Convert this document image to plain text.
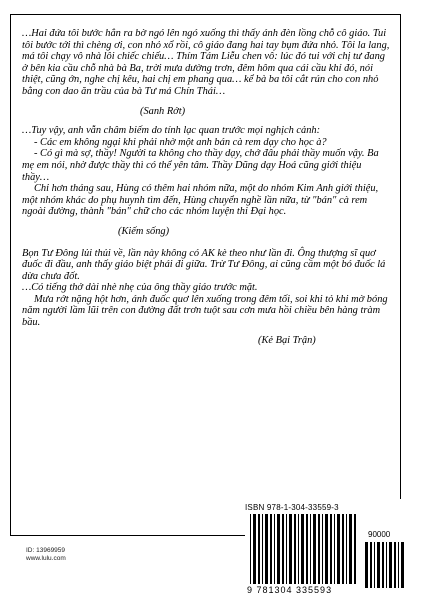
…Hai đứa tôi bước hẳn ra bờ ngó lên ngó xuống thì thấy ánh đèn lồng chỗ cô giáo. Tui tôi bước tới thì chèng ơi, con nhỏ xổ rồi, cô giáo đang hai tay bụm đứa nhỏ. Tôi la lang, má tôi chạy vô nhà lôi chiếc chiếu… Thím Tám Liễu chen vô: lúc đó tui với chị tư đang ở bên kia cầu chỗ nhà bà Ba, trời mưa dường trơn, đêm hôm qua cái cầu khỉ đó, nói thiệt, cũng ớn, nghe chị kêu, hai chị em phang qua… kể bà ba tôi cắt rún cho con nhỏ bằng con dao ăn trầu của bà Tư má Chín Thái…

(Sanh Rớt)

…Tuy vậy, anh vẫn châm biếm do tính lạc quan trước mọi nghịch cảnh:

- Các em không ngại khi phải nhờ một anh bán cà rem dạy cho học à?

- Có gì mà sợ, thầy! Người ta không cho thầy dạy, chớ đâu phải thầy muốn vậy. Ba mẹ em nói, nhờ được thầy thì có thể yên tâm. Thầy Dũng dạy Hoá cũng giới thiệu thầy…

Chỉ hơn tháng sau, Hùng có thêm hai nhóm nữa, một do nhóm Kim Anh giới thiệu, một nhóm khác do phụ huynh tìm đến, Hùng chuyển nghề lần nữa, từ "bán" cà rem ngoài đường, thành "bán" chữ cho các nhóm luyện thi Đại học.

(Kiếm sống)

Bọn Tư Đông lủi thủi về, lần này không có AK kè theo như lần đi. Ông thượng sĩ quơ đuốc đi đầu, anh thấy giáo biệt phái đi giữa. Trừ Tư Đông, ai cũng cầm một bó đuốc lá dừa chưa đốt.

…Có tiếng thở dài nhè nhẹ của ông thầy giáo trước mặt.

Mưa rớt nặng hột hơn, ánh đuốc quơ lên xuống trong đêm tối, soi khi tỏ khi mờ bóng năm người lầm lũi trên con đường đất trơn tuột sau cơn mưa hồi chiều bên hàng tràm bầu.

(Kẻ Bại Trận)

ID: 13969959
www.lulu.com
ISBN 978-1-304-33559-3
90000
9 781304 335593
